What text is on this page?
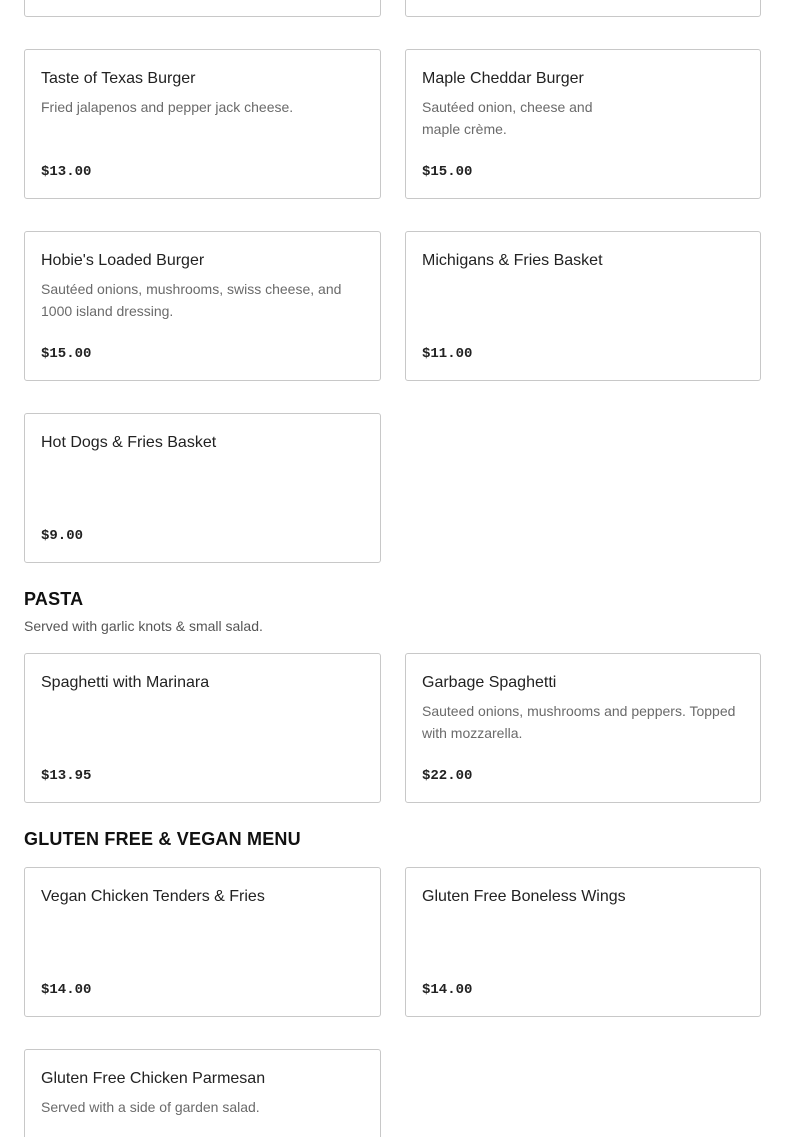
Taste of Texas Burger
Fried jalapenos and pepper jack cheese.
$13.00
Maple Cheddar Burger
Sautéed onion, cheese and maple crème.
$15.00
Hobie's Loaded Burger
Sautéed onions, mushrooms, swiss cheese, and 1000 island dressing.
$15.00
Michigans & Fries Basket
$11.00
Hot Dogs & Fries Basket
$9.00
PASTA
Served with garlic knots & small salad.
Spaghetti with Marinara
$13.95
Garbage Spaghetti
Sauteed onions, mushrooms and peppers. Topped with mozzarella.
$22.00
GLUTEN FREE & VEGAN MENU
Vegan Chicken Tenders & Fries
$14.00
Gluten Free Boneless Wings
$14.00
Gluten Free Chicken Parmesan
Served with a side of garden salad.
